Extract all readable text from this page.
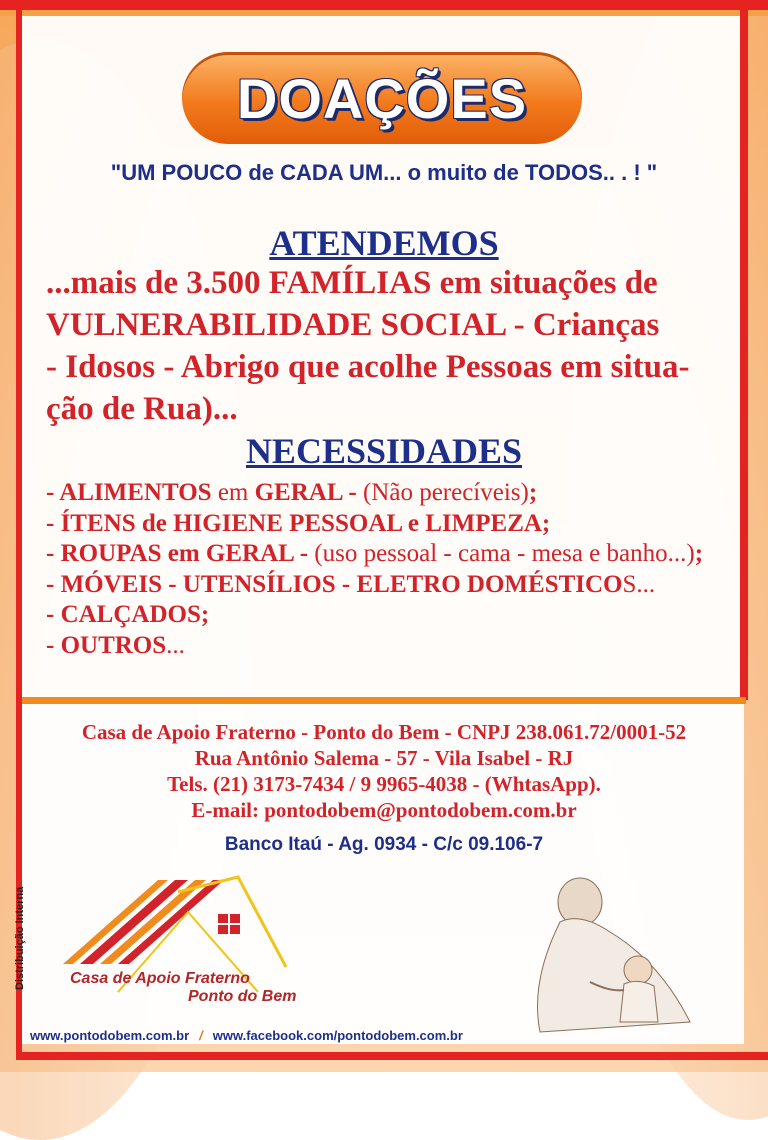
DOAÇÕES
"UM POUCO de CADA UM... o muito de TODOS.. . ! "
ATENDEMOS
...mais de 3.500 FAMÍLIAS em situações de
VULNERABILIDADE SOCIAL - Crianças
- Idosos - Abrigo que acolhe Pessoas em situa-
ção de Rua)...
NECESSIDADES
- ALIMENTOS em GERAL - (Não perecíveis);
- ÍTENS de HIGIENE PESSOAL e LIMPEZA;
- ROUPAS em GERAL - (uso pessoal - cama - mesa e banho...);
- MÓVEIS - UTENSÍLIOS - ELETRO DOMÉSTICOS...
- CALÇADOS;
- OUTROS...
Casa de Apoio Fraterno - Ponto do Bem - CNPJ 238.061.72/0001-52
Rua Antônio Salema - 57 - Vila Isabel - RJ
Tels. (21) 3173-7434 / 9 9965-4038 - (WhtasApp).
E-mail: pontodobem@pontodobem.com.br
Banco Itaú - Ag. 0934 - C/c 09.106-7
Distribuição Interna	Casa de Apoio Fraterno
Ponto do Bem
www.pontodobem.com.br / www.facebook.com/pontodobem.com.br
